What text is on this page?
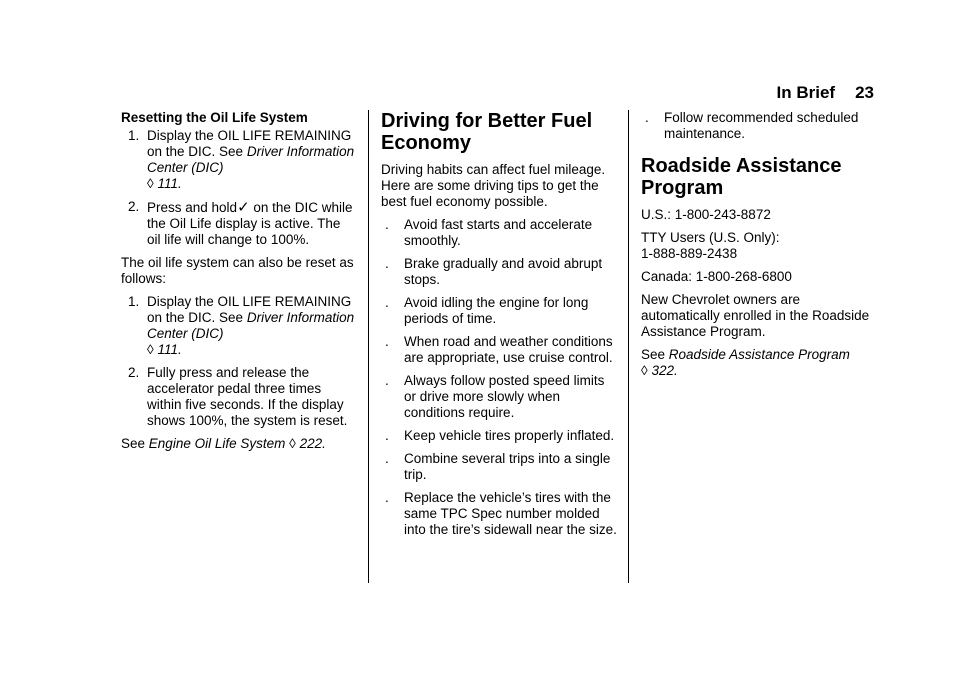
In Brief 23
Resetting the Oil Life System
1. Display the OIL LIFE REMAINING on the DIC. See Driver Information Center (DIC)
◊ 111.
2. Press and hold✓ on the DIC while the Oil Life display is active. The oil life will change to 100%.

The oil life system can also be reset as follows:

1. Display the OIL LIFE REMAINING on the DIC. See Driver Information Center (DIC)
◊ 111.
2. Fully press and release the accelerator pedal three times within five seconds. If the display shows 100%, the system is reset.

See Engine Oil Life System ◊ 222.

Driving for Better Fuel Economy

Driving habits can affect fuel mileage. Here are some driving tips to get the best fuel economy possible.

. Avoid fast starts and accelerate smoothly.
. Brake gradually and avoid abrupt stops.
. Avoid idling the engine for long periods of time.
. When road and weather conditions are appropriate, use cruise control.
. Always follow posted speed limits or drive more slowly when conditions require.
. Keep vehicle tires properly inflated.
. Combine several trips into a single trip.
. Replace the vehicle’s tires with the same TPC Spec number molded into the tire’s sidewall near the size.
. Follow recommended scheduled maintenance.
Roadside Assistance Program

U.S.: 1-800-243-8872

TTY Users (U.S. Only):
1-888-889-2438

Canada: 1-800-268-6800

New Chevrolet owners are automatically enrolled in the Roadside Assistance Program.

See Roadside Assistance Program
◊ 322.
